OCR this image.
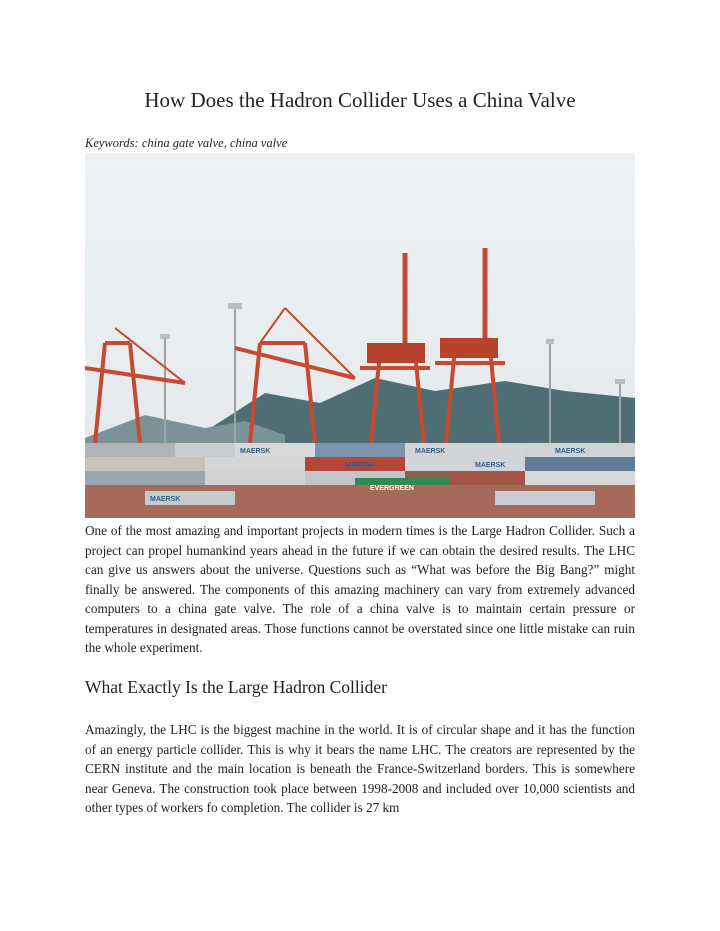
How Does the Hadron Collider Uses a China Valve
Keywords: china gate valve, china valve
MAERSK
MAERSK
MAERSK
MAERSK
MAERSK
MAERSK
EVERGREEN

One of the most amazing and important projects in modern times is the Large Hadron Collider. Such a project can propel humankind years ahead in the future if we can obtain the desired results. The LHC can give us answers about the universe. Questions such as “What was before the Big Bang?” might finally be answered. The components of this amazing machinery can vary from extremely advanced computers to a china gate valve. The role of a china valve is to maintain certain pressure or temperatures in designated areas. Those functions cannot be overstated since one little mistake can ruin the whole experiment.

What Exactly Is the Large Hadron Collider

Amazingly, the LHC is the biggest machine in the world. It is of circular shape and it has the function of an energy particle collider. This is why it bears the name LHC. The creators are represented by the CERN institute and the main location is beneath the France-Switzerland borders. This is somewhere near Geneva. The construction took place between 1998-2008 and included over 10,000 scientists and other types of workers fo completion. The collider is 27 km
